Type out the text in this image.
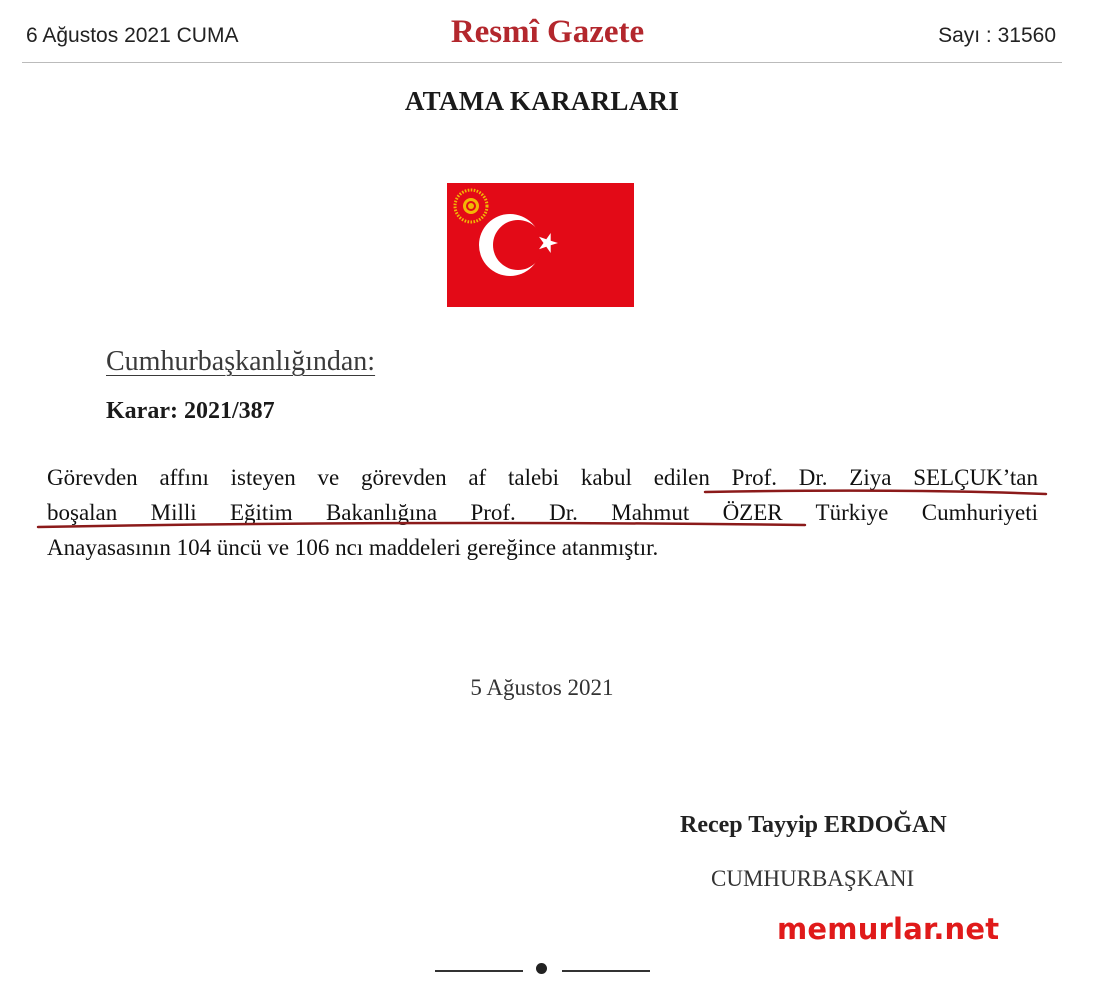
6 Ağustos 2021 CUMA	Resmî Gazete	Sayı : 31560
ATAMA KARARLARI
Cumhurbaşkanlığından:
Karar: 2021/387
Görevden affını isteyen ve görevden af talebi kabul edilen Prof. Dr. Ziya SELÇUK’tan
boşalan Milli Eğitim Bakanlığına Prof. Dr. Mahmut ÖZER Türkiye Cumhuriyeti
Anayasasının 104 üncü ve 106 ncı maddeleri gereğince atanmıştır.
5 Ağustos 2021
Recep Tayyip ERDOĞAN
CUMHURBAŞKANI
memurlar.net
